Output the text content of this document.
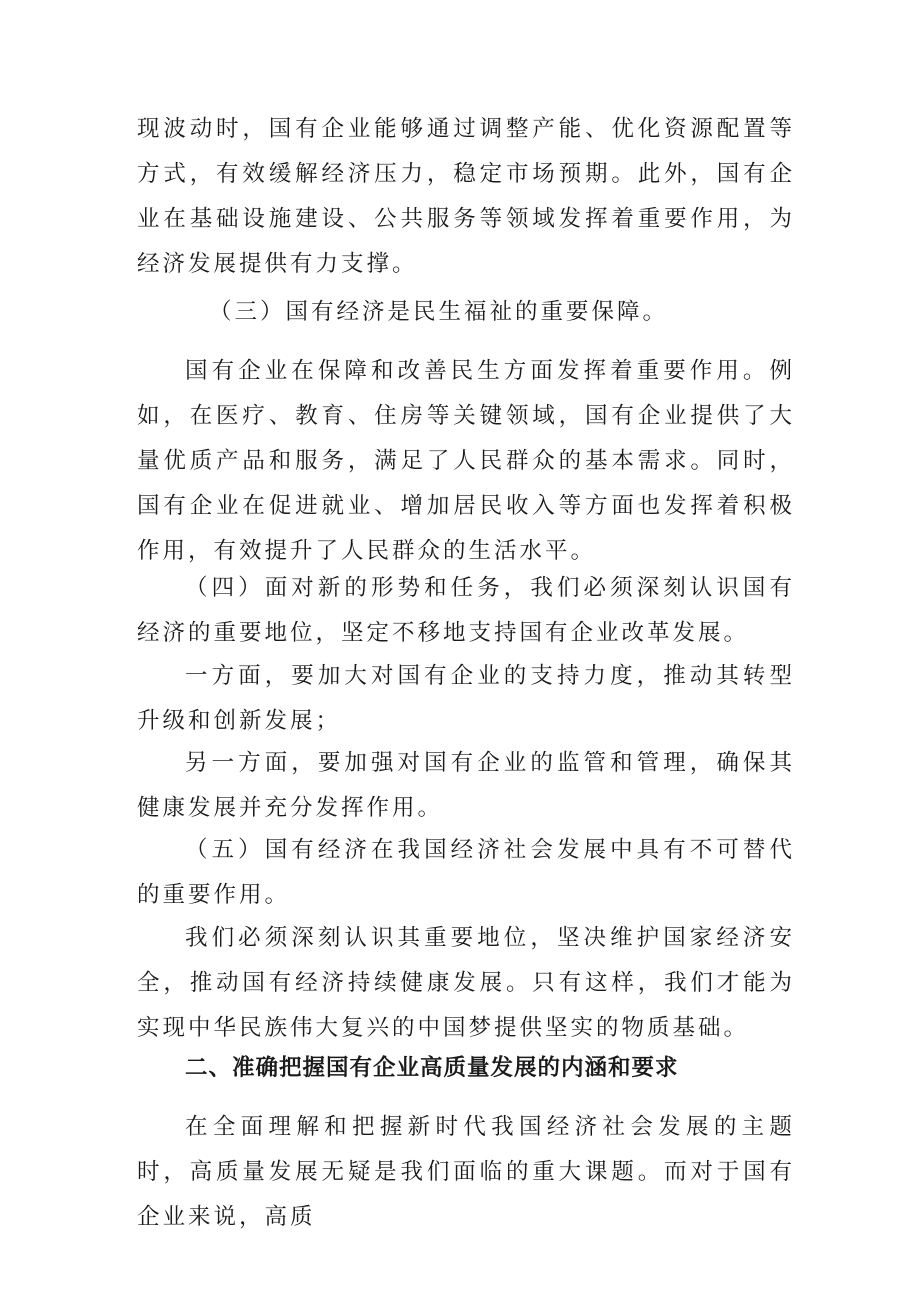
现波动时，国有企业能够通过调整产能、优化资源配置等方式，有效缓解经济压力，稳定市场预期。此外，国有企业在基础设施建设、公共服务等领域发挥着重要作用，为经济发展提供有力支撑。

（三）国有经济是民生福祉的重要保障。

国有企业在保障和改善民生方面发挥着重要作用。例如，在医疗、教育、住房等关键领域，国有企业提供了大量优质产品和服务，满足了人民群众的基本需求。同时，国有企业在促进就业、增加居民收入等方面也发挥着积极作用，有效提升了人民群众的生活水平。

（四）面对新的形势和任务，我们必须深刻认识国有经济的重要地位，坚定不移地支持国有企业改革发展。

一方面，要加大对国有企业的支持力度，推动其转型升级和创新发展；

另一方面，要加强对国有企业的监管和管理，确保其健康发展并充分发挥作用。

（五）国有经济在我国经济社会发展中具有不可替代的重要作用。

我们必须深刻认识其重要地位，坚决维护国家经济安全，推动国有经济持续健康发展。只有这样，我们才能为实现中华民族伟大复兴的中国梦提供坚实的物质基础。

二、准确把握国有企业高质量发展的内涵和要求

在全面理解和把握新时代我国经济社会发展的主题时，高质量发展无疑是我们面临的重大课题。而对于国有企业来说，高质
